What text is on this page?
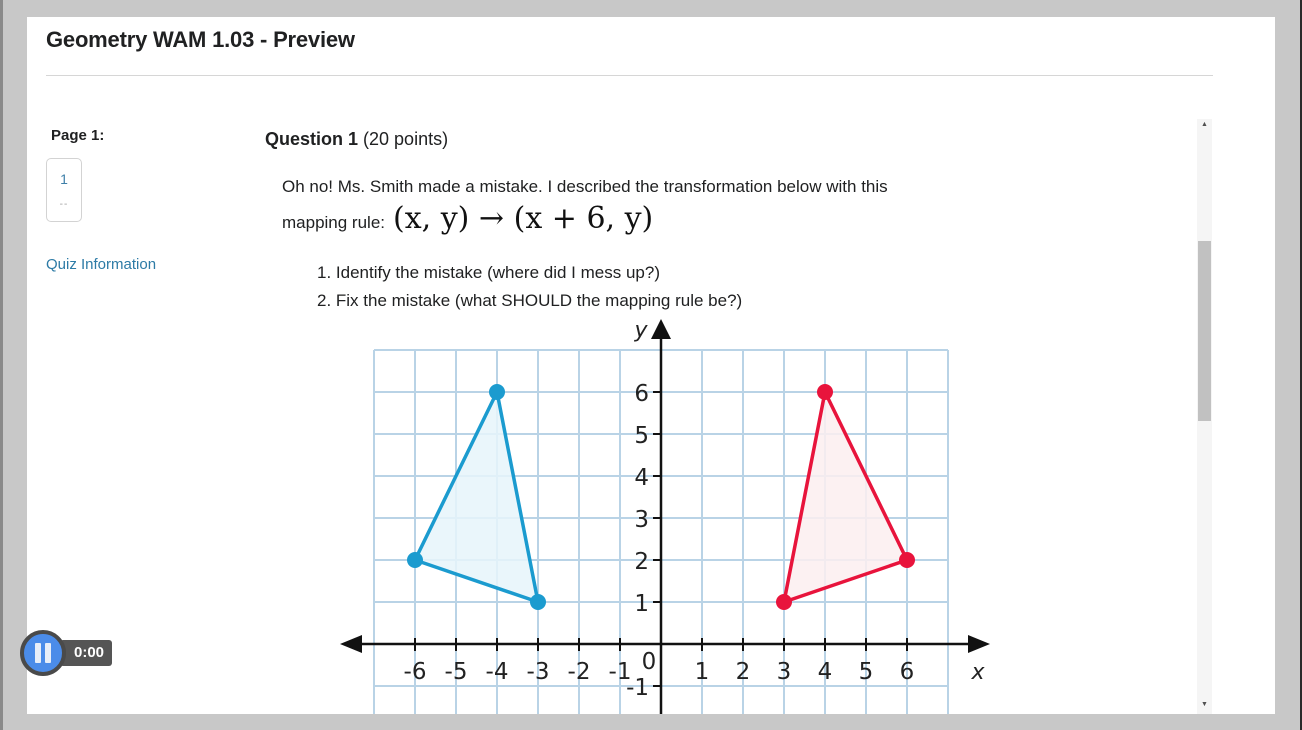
Geometry WAM 1.03 - Preview
Page 1:
1
--
Quiz Information
Question 1 (20 points)
Oh no! Ms. Smith made a mistake. I described the transformation below with this
mapping rule: (x, y) → (x + 6, y)
1. Identify the mistake (where did I mess up?)
2. Fix the mistake (what SHOULD the mapping rule be?)
-6 -5 -4 -3 -2 -1 0 1 2 3 4 5 6
-1
1
2
3
4
5
6
x
y
▲
▼
0:00
